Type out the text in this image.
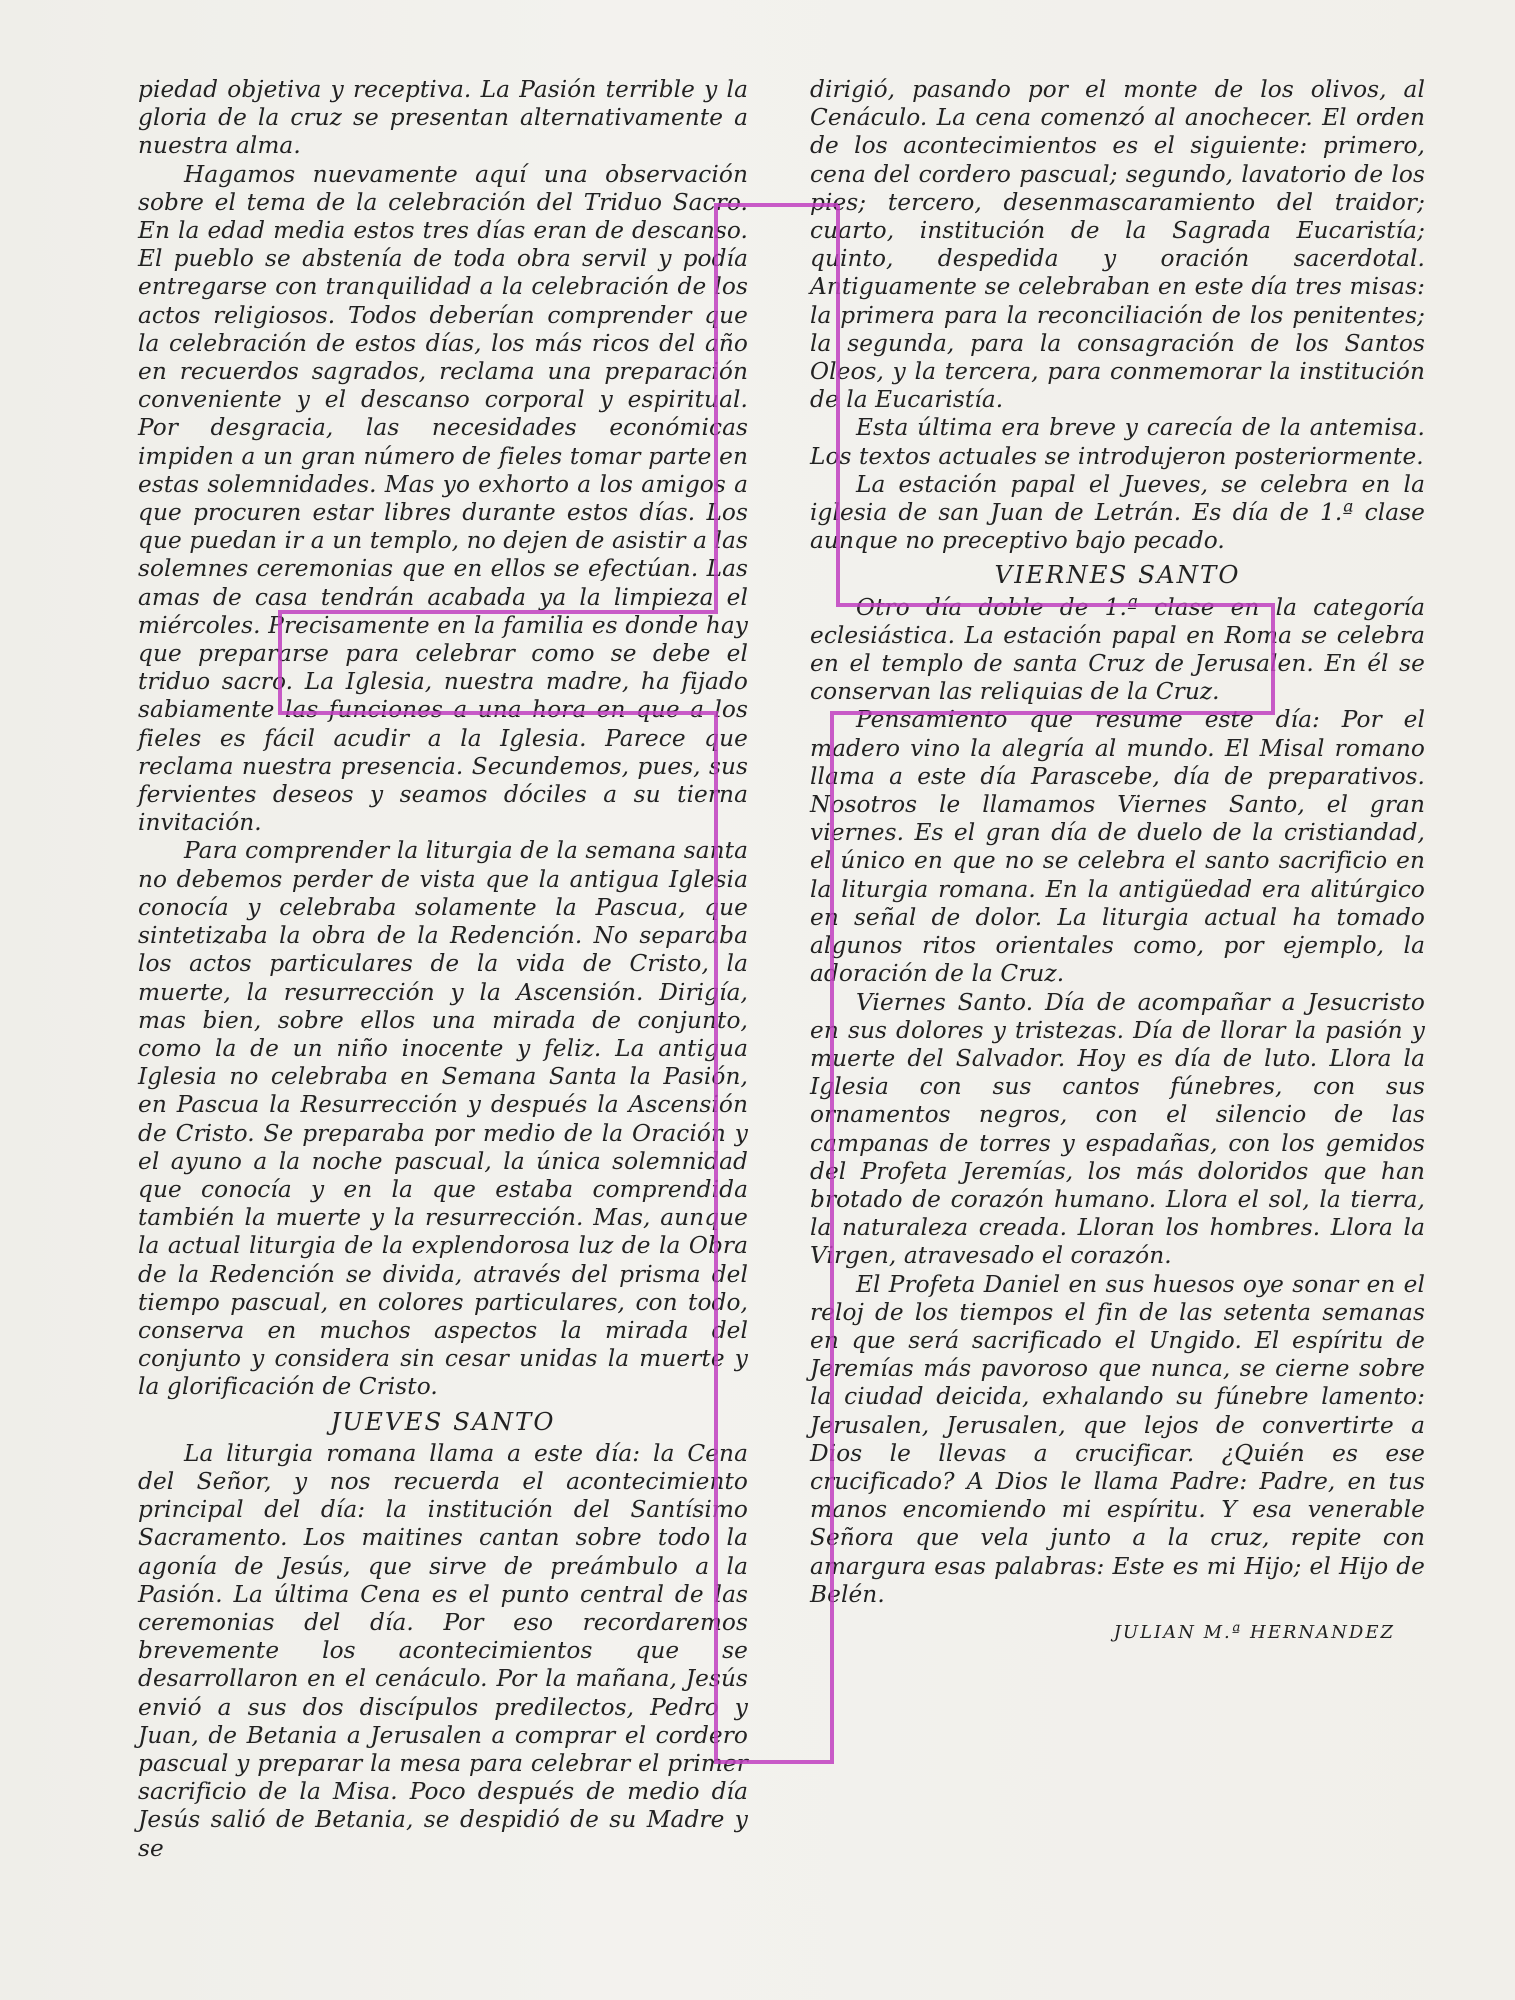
piedad objetiva y receptiva. La Pasión terrible y la gloria de la cruz se presentan alternativamente a nuestra alma.

Hagamos nuevamente aquí una observación sobre el tema de la celebración del Triduo Sacro. En la edad media estos tres días eran de descanso. El pueblo se abstenía de toda obra servil y podía entregarse con tranquilidad a la celebración de los actos religiosos. Todos deberían comprender que la celebración de estos días, los más ricos del año en recuerdos sagrados, reclama una preparación conveniente y el descanso corporal y espiritual. Por desgracia, las necesidades económicas impiden a un gran número de fieles tomar parte en estas solemnidades. Mas yo exhorto a los amigos a que procuren estar libres durante estos días. Los que puedan ir a un templo, no dejen de asistir a las solemnes ceremonias que en ellos se efectúan. Las amas de casa tendrán acabada ya la limpieza el miércoles. Precisamente en la familia es donde hay que prepararse para celebrar como se debe el triduo sacro. La Iglesia, nuestra madre, ha fijado sabiamente las funciones a una hora en que a los fieles es fácil acudir a la Iglesia. Parece que reclama nuestra presencia. Secundemos, pues, sus fervientes deseos y seamos dóciles a su tierna invitación.

Para comprender la liturgia de la semana santa no debemos perder de vista que la antigua Iglesia conocía y celebraba solamente la Pascua, que sintetizaba la obra de la Redención. No separaba los actos particulares de la vida de Cristo, la muerte, la resurrección y la Ascensión. Dirigía, mas bien, sobre ellos una mirada de conjunto, como la de un niño inocente y feliz. La antigua Iglesia no celebraba en Semana Santa la Pasión, en Pascua la Resurrección y después la Ascensión de Cristo. Se preparaba por medio de la Oración y el ayuno a la noche pascual, la única solemnidad que conocía y en la que estaba comprendida también la muerte y la resurrección. Mas, aunque la actual liturgia de la explendorosa luz de la Obra de la Redención se divida, através del prisma del tiempo pascual, en colores particulares, con todo, conserva en muchos aspectos la mirada del conjunto y considera sin cesar unidas la muerte y la glorificación de Cristo.

JUEVES SANTO

La liturgia romana llama a este día: la Cena del Señor, y nos recuerda el acontecimiento principal del día: la institución del Santísimo Sacramento. Los maitines cantan sobre todo la agonía de Jesús, que sirve de preámbulo a la Pasión. La última Cena es el punto central de las ceremonias del día. Por eso recordaremos brevemente los acontecimientos que se desarrollaron en el cenáculo. Por la mañana, Jesús envió a sus dos discípulos predilectos, Pedro y Juan, de Betania a Jerusalen a comprar el cordero pascual y preparar la mesa para celebrar el primer sacrificio de la Misa. Poco después de medio día Jesús salió de Betania, se despidió de su Madre y se

dirigió, pasando por el monte de los olivos, al Cenáculo. La cena comenzó al anochecer. El orden de los acontecimientos es el siguiente: primero, cena del cordero pascual; segundo, lavatorio de los pies; tercero, desenmascaramiento del traidor; cuarto, institución de la Sagrada Eucaristía; quinto, despedida y oración sacerdotal. Antiguamente se celebraban en este día tres misas: la primera para la reconciliación de los penitentes; la segunda, para la consagración de los Santos Oleos, y la tercera, para conmemorar la institución de la Eucaristía.

Esta última era breve y carecía de la antemisa. Los textos actuales se introdujeron posteriormente.

La estación papal el Jueves, se celebra en la iglesia de san Juan de Letrán. Es día de 1.ª clase aunque no preceptivo bajo pecado.

VIERNES SANTO

Otro día doble de 1.ª clase en la categoría eclesiástica. La estación papal en Roma se celebra en el templo de santa Cruz de Jerusalen. En él se conservan las reliquias de la Cruz.

Pensamiento que resume este día: Por el madero vino la alegría al mundo. El Misal romano llama a este día Parascebe, día de preparativos. Nosotros le llamamos Viernes Santo, el gran viernes. Es el gran día de duelo de la cristiandad, el único en que no se celebra el santo sacrificio en la liturgia romana. En la antigüedad era alitúrgico en señal de dolor. La liturgia actual ha tomado algunos ritos orientales como, por ejemplo, la adoración de la Cruz.

Viernes Santo. Día de acompañar a Jesucristo en sus dolores y tristezas. Día de llorar la pasión y muerte del Salvador. Hoy es día de luto. Llora la Iglesia con sus cantos fúnebres, con sus ornamentos negros, con el silencio de las campanas de torres y espadañas, con los gemidos del Profeta Jeremías, los más doloridos que han brotado de corazón humano. Llora el sol, la tierra, la naturaleza creada. Lloran los hombres. Llora la Virgen, atravesado el corazón.

El Profeta Daniel en sus huesos oye sonar en el reloj de los tiempos el fin de las setenta semanas en que será sacrificado el Ungido. El espíritu de Jeremías más pavoroso que nunca, se cierne sobre la ciudad deicida, exhalando su fúnebre lamento: Jerusalen, Jerusalen, que lejos de convertirte a Dios le llevas a crucificar. ¿Quién es ese crucificado? A Dios le llama Padre: Padre, en tus manos encomiendo mi espíritu. Y esa venerable Señora que vela junto a la cruz, repite con amargura esas palabras: Este es mi Hijo; el Hijo de Belén.

JULIAN M.ª HERNANDEZ
